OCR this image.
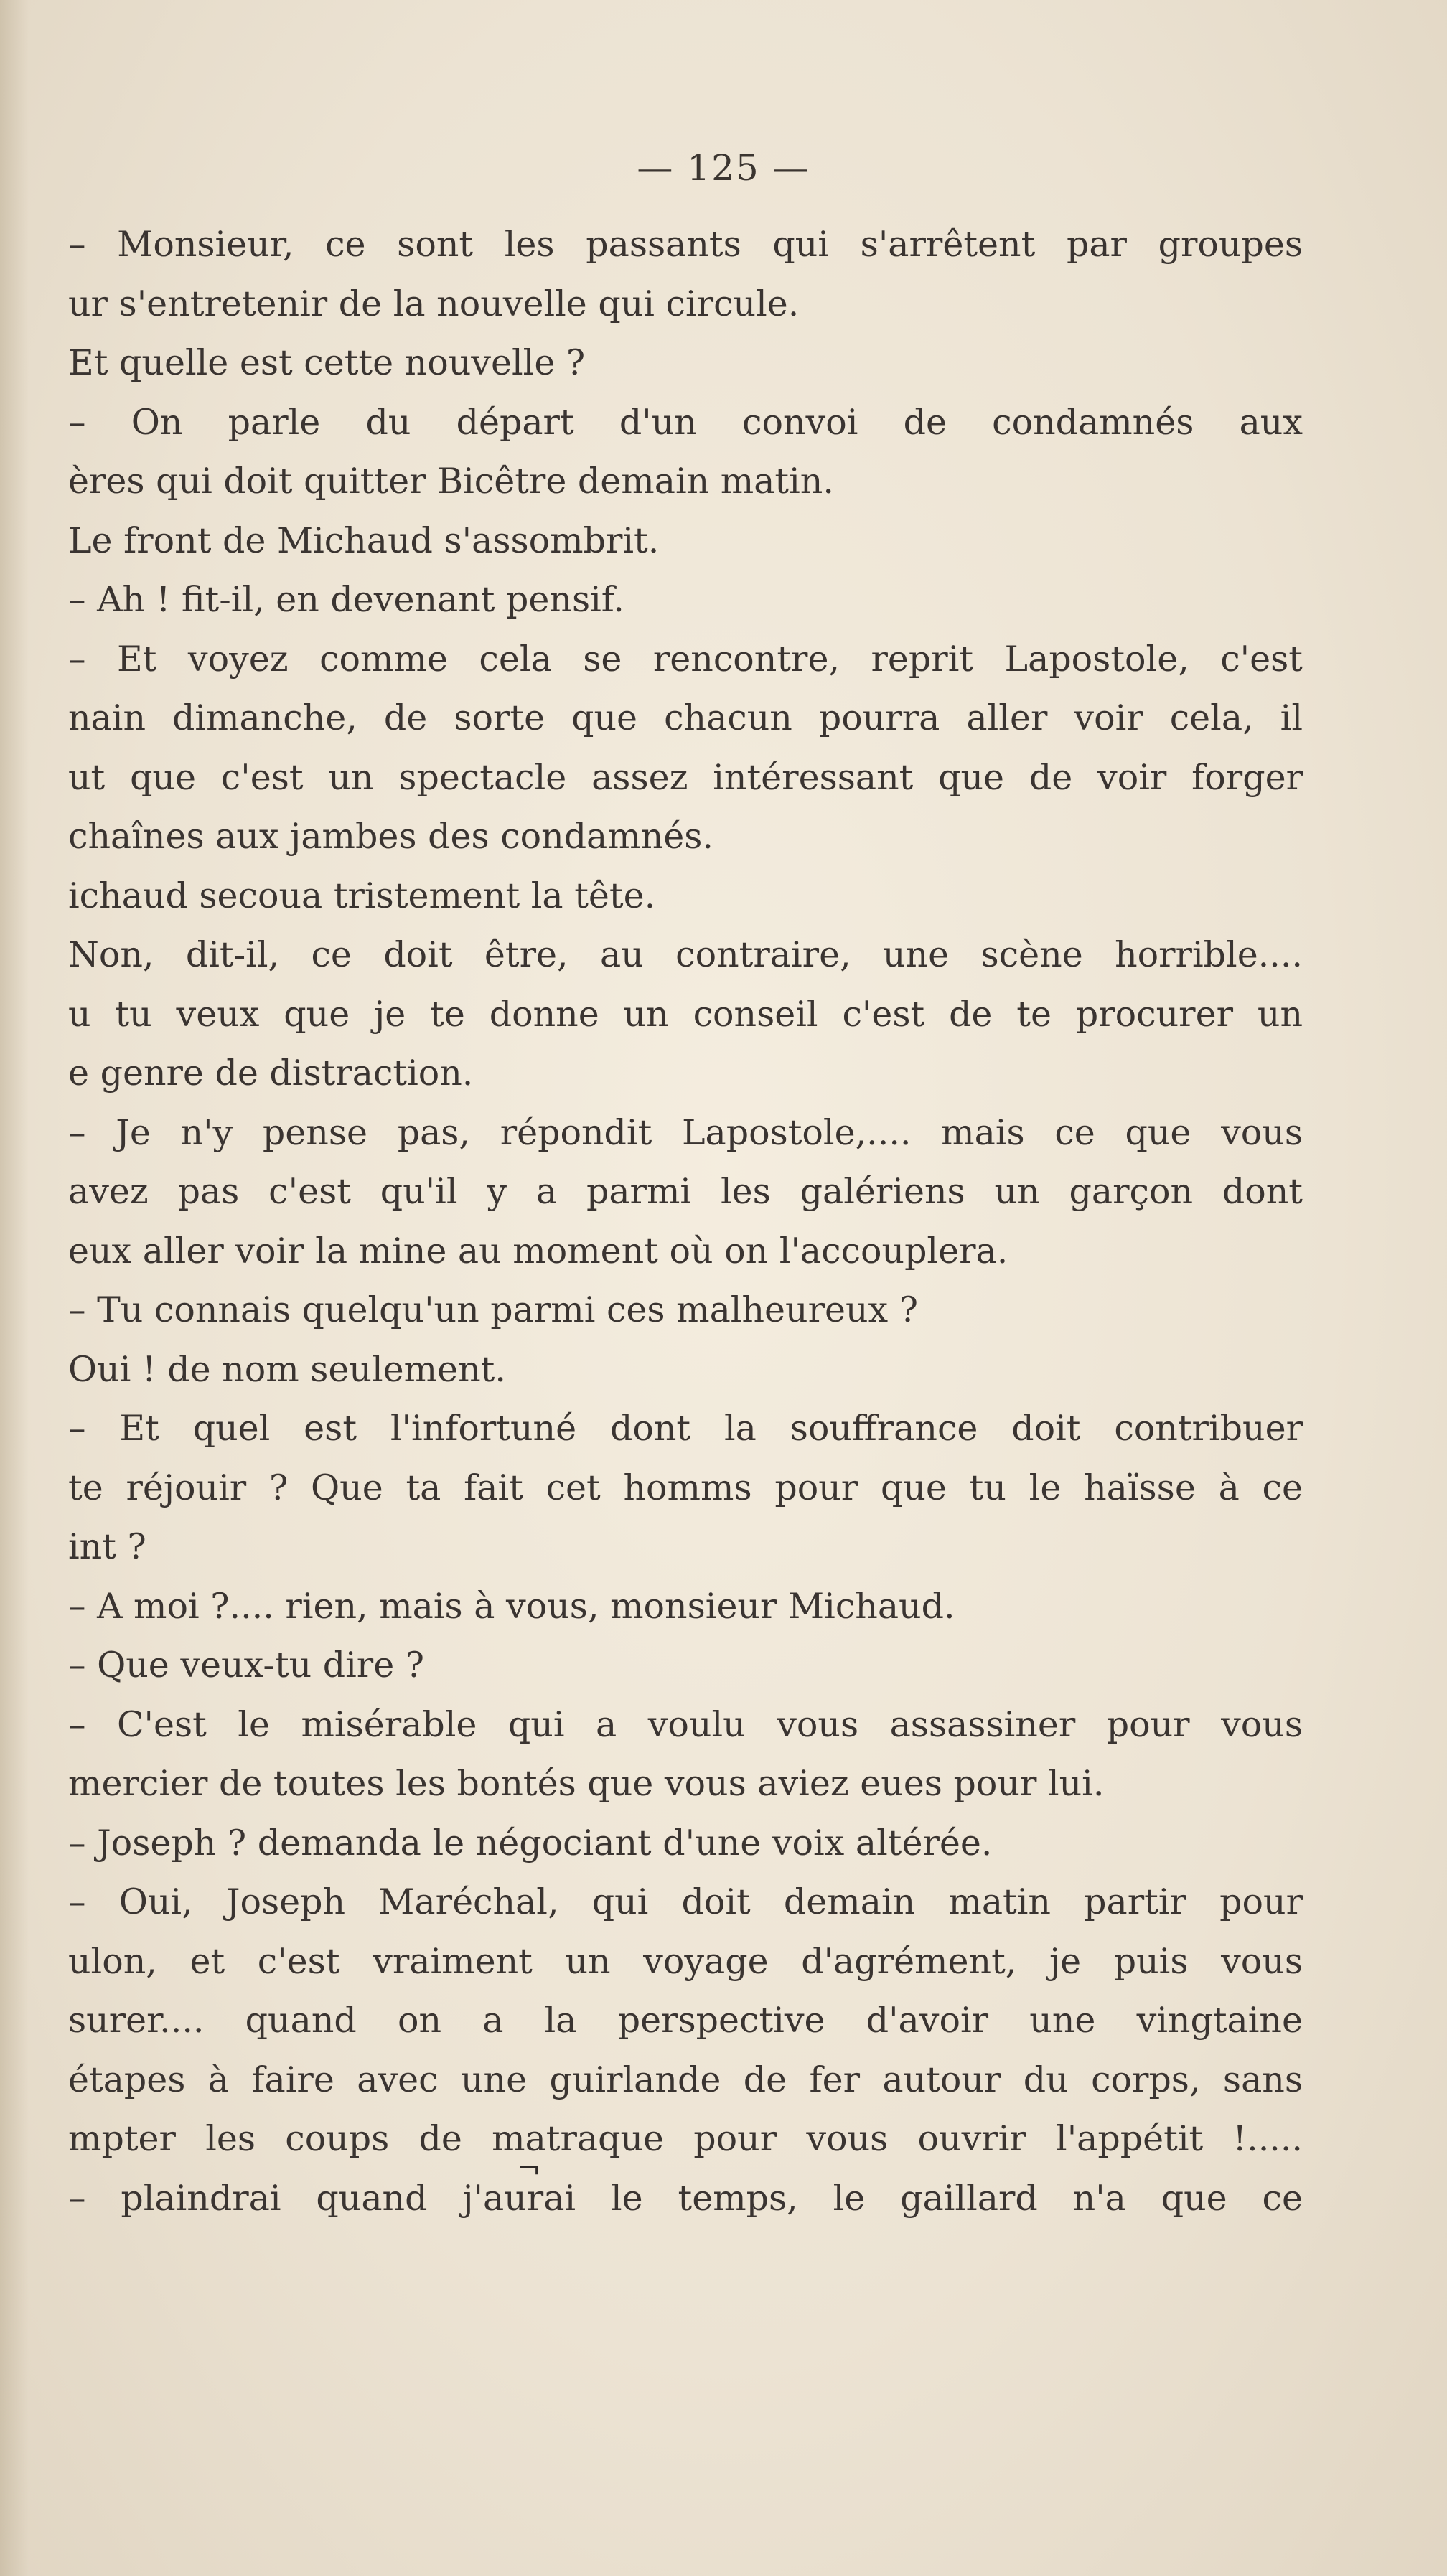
— 125 —
– Monsieur, ce sont les passants qui s'arrêtent par groupes
ur s'entretenir de la nouvelle qui circule.
Et quelle est cette nouvelle ?
– On parle du départ d'un convoi de condamnés aux
ères qui doit quitter Bicêtre demain matin.
Le front de Michaud s'assombrit.
– Ah ! fit-il, en devenant pensif.
– Et voyez comme cela se rencontre, reprit Lapostole, c'est
nain dimanche, de sorte que chacun pourra aller voir cela, il
ut que c'est un spectacle assez intéressant que de voir forger
chaînes aux jambes des condamnés.
ichaud secoua tristement la tête.
Non, dit-il, ce doit être, au contraire, une scène horrible....
u tu veux que je te donne un conseil c'est de te procurer un
e genre de distraction.
– Je n'y pense pas, répondit Lapostole,.... mais ce que vous
avez pas c'est qu'il y a parmi les galériens un garçon dont
eux aller voir la mine au moment où on l'accouplera.
– Tu connais quelqu'un parmi ces malheureux ?
Oui ! de nom seulement.
– Et quel est l'infortuné dont la souffrance doit contribuer
te réjouir ? Que ta fait cet homms pour que tu le haïsse à ce
int ?
– A moi ?.... rien, mais à vous, monsieur Michaud.
– Que veux-tu dire ?
– C'est le misérable qui a voulu vous assassiner pour vous
mercier de toutes les bontés que vous aviez eues pour lui.
– Joseph ? demanda le négociant d'une voix altérée.
– Oui, Joseph Maréchal, qui doit demain matin partir pour
ulon, et c'est vraiment un voyage d'agrément, je puis vous
surer.... quand on a la perspective d'avoir une vingtaine
étapes à faire avec une guirlande de fer autour du corps, sans
mpter les coups de matraque pour vous ouvrir l'appétit !.....
– plaindrai quand j'aurai le temps, le gaillard n'a que ce
¬
